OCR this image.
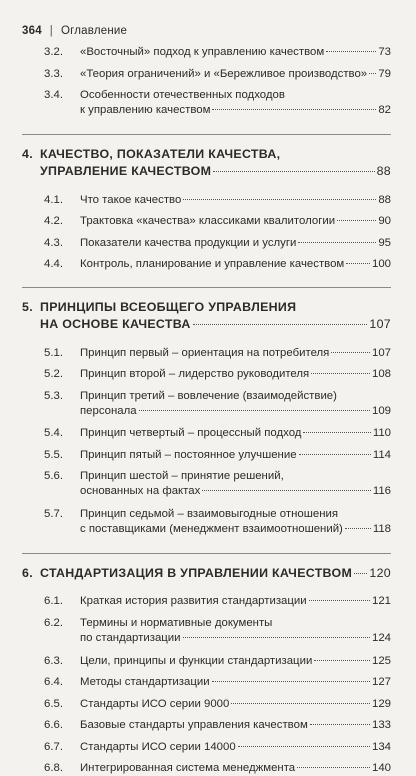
364 | Оглавление
3.2.	«Восточный» подход к управлению качеством	73
3.3.	«Теория ограничений» и «Бережливое производство» 79
3.4.	Особенности отечественных подходов
к управлению качеством	82
4. КАЧЕСТВО, ПОКАЗАТЕЛИ КАЧЕСТВА,
УПРАВЛЕНИЕ КАЧЕСТВОМ	88
4.1.	Что такое качество	88
4.2.	Трактовка «качества» классиками квалитологии	90
4.3.	Показатели качества продукции и услуги	95
4.4.	Контроль, планирование и управление качеством 100
5. ПРИНЦИПЫ ВСЕОБЩЕГО УПРАВЛЕНИЯ
НА ОСНОВЕ КАЧЕСТВА	107
5.1.	Принцип первый – ориентация на потребителя	107
5.2.	Принцип второй – лидерство руководителя	108
5.3.	Принцип третий – вовлечение (взаимодействие)
персонала	109
5.4.	Принцип четвертый – процессный подход	110
5.5.	Принцип пятый – постоянное улучшение	114
5.6.	Принцип шестой – принятие решений,
основанных на фактах	116
5.7.	Принцип седьмой – взаимовыгодные отношения
с поставщиками (менеджмент взаимоотношений)	118
6. СТАНДАРТИЗАЦИЯ В УПРАВЛЕНИИ КАЧЕСТВОМ 120
6.1.	Краткая история развития стандартизации	121
6.2.	Термины и нормативные документы
по стандартизации	124
6.3.	Цели, принципы и функции стандартизации	125
6.4.	Методы стандартизации	127
6.5.	Стандарты ИСО серии 9000	129
6.6.	Базовые стандарты управления качеством	133
6.7.	Стандарты ИСО серии 14000	134
6.8.	Интегрированная система менеджмента	140
